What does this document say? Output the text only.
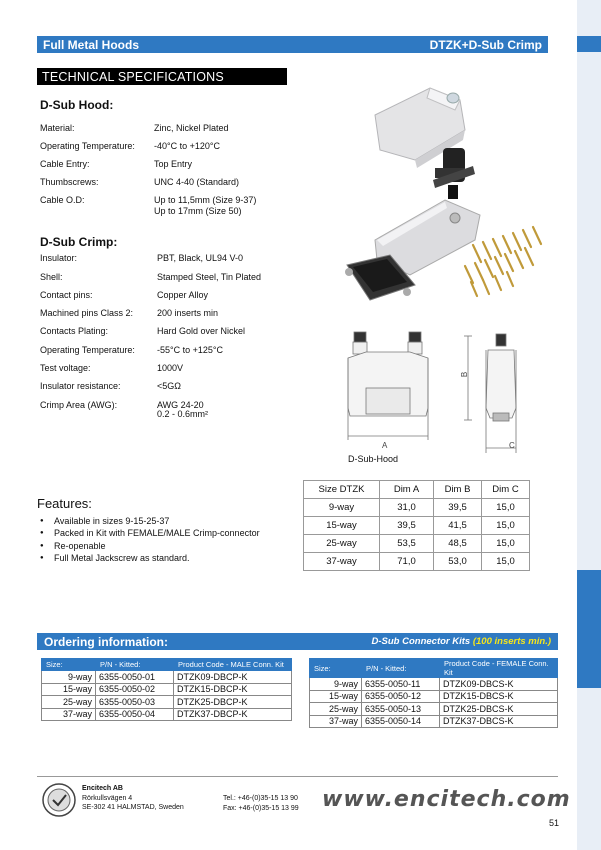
Full Metal Hoods	DTZK+D-Sub Crimp
TECHNICAL SPECIFICATIONS
D-Sub Hood:
Material:	Zinc, Nickel Plated
Operating Temperature: -40°C to +120°C
Cable Entry:	Top Entry
Thumbscrews:	UNC 4-40 (Standard)
Cable O.D:	Up to 11,5mm (Size 9-37)
Up to 17mm (Size 50)
D-Sub Crimp:
Insulator:	PBT, Black, UL94 V-0
Shell:	Stamped Steel, Tin Plated
Contact pins:	Copper Alloy
Machined pins Class 2:	200 inserts min
Contacts Plating:	Hard Gold over Nickel
Operating Temperature: -55°C to +125°C
Test voltage:	1000V
Insulator resistance:	<5GΩ
Crimp Area (AWG):	AWG 24-20
0.2 - 0.6mm²
A
B
C
D-Sub-Hood
Features:
●	Available in sizes 9-15-25-37
●	Packed in Kit with FEMALE/MALE Crimp-connector
●	Re-openable
●	Full Metal Jackscrew as standard.
Size DTZK	Dim A	Dim B	Dim C
9-way	31,0	39,5	15,0
15-way	39,5	41,5	15,0
25-way	53,5	48,5	15,0
37-way	71,0	53,0	15,0
Ordering information:	D-Sub Connector Kits (100 inserts min.)
Size:	P/N - Kitted:	Product Code - MALE Conn. Kit
9-way	6355-0050-01	DTZK09-DBCP-K
15-way	6355-0050-02	DTZK15-DBCP-K
25-way	6355-0050-03	DTZK25-DBCP-K
37-way	6355-0050-04	DTZK37-DBCP-K
Size:	P/N - Kitted:	Product Code - FEMALE Conn. Kit
9-way	6355-0050-11	DTZK09-DBCS-K
15-way	6355-0050-12	DTZK15-DBCS-K
25-way	6355-0050-13	DTZK25-DBCS-K
37-way	6355-0050-14	DTZK37-DBCS-K
Encitech AB
Rörkullsvägen 4
SE-302 41 HALMSTAD, Sweden
Tel.: +46-(0)35-15 13 90
Fax: +46-(0)35-15 13 99 www.encitech.com
51
